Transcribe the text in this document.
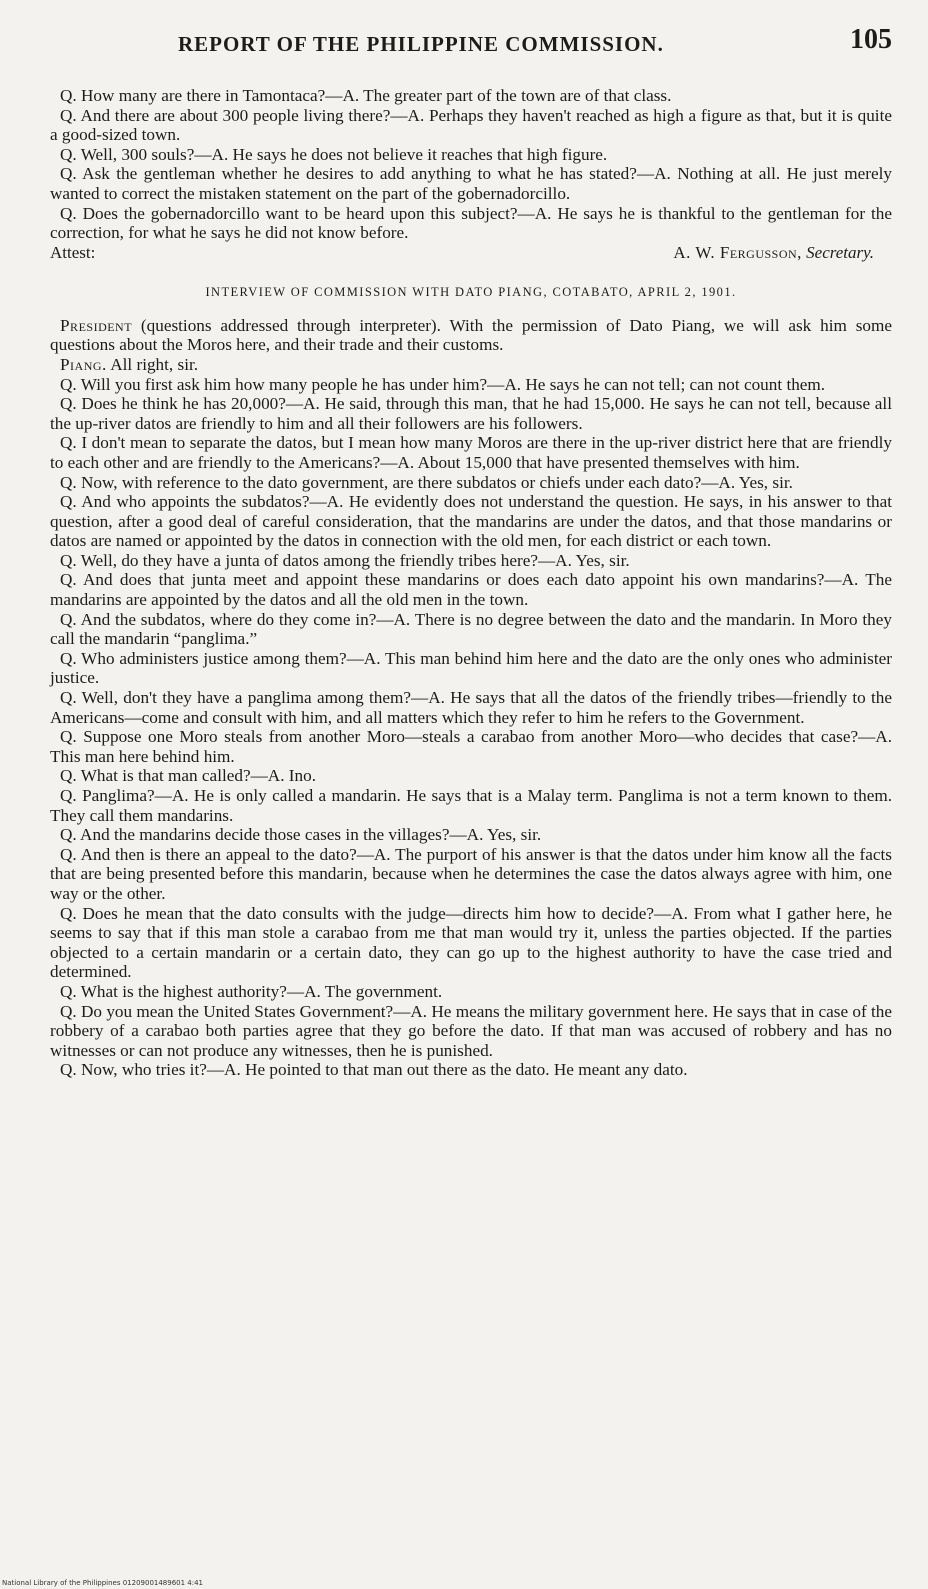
REPORT OF THE PHILIPPINE COMMISSION.	105

Q. How many are there in Tamontaca?—A. The greater part of the town are of that class.

Q. And there are about 300 people living there?—A. Perhaps they haven't reached as high a figure as that, but it is quite a good-sized town.

Q. Well, 300 souls?—A. He says he does not believe it reaches that high figure.

Q. Ask the gentleman whether he desires to add anything to what he has stated?—A. Nothing at all. He just merely wanted to correct the mistaken statement on the part of the gobernadorcillo.

Q. Does the gobernadorcillo want to be heard upon this subject?—A. He says he is thankful to the gentleman for the correction, for what he says he did not know before.

Attest:	A. W. Fergusson, Secretary.
INTERVIEW OF COMMISSION WITH DATO PIANG, COTABATO, APRIL 2, 1901.

President (questions addressed through interpreter). With the permission of Dato Piang, we will ask him some questions about the Moros here, and their trade and their customs.

Piang. All right, sir.

Q. Will you first ask him how many people he has under him?—A. He says he can not tell; can not count them.

Q. Does he think he has 20,000?—A. He said, through this man, that he had 15,000. He says he can not tell, because all the up-river datos are friendly to him and all their followers are his followers.

Q. I don't mean to separate the datos, but I mean how many Moros are there in the up-river district here that are friendly to each other and are friendly to the Americans?—A. About 15,000 that have presented themselves with him.

Q. Now, with reference to the dato government, are there subdatos or chiefs under each dato?—A. Yes, sir.

Q. And who appoints the subdatos?—A. He evidently does not understand the question. He says, in his answer to that question, after a good deal of careful consideration, that the mandarins are under the datos, and that those mandarins or datos are named or appointed by the datos in connection with the old men, for each district or each town.

Q. Well, do they have a junta of datos among the friendly tribes here?—A. Yes, sir.

Q. And does that junta meet and appoint these mandarins or does each dato appoint his own mandarins?—A. The mandarins are appointed by the datos and all the old men in the town.

Q. And the subdatos, where do they come in?—A. There is no degree between the dato and the mandarin. In Moro they call the mandarin “panglima.”

Q. Who administers justice among them?—A. This man behind him here and the dato are the only ones who administer justice.

Q. Well, don't they have a panglima among them?—A. He says that all the datos of the friendly tribes—friendly to the Americans—come and consult with him, and all matters which they refer to him he refers to the Government.

Q. Suppose one Moro steals from another Moro—steals a carabao from another Moro—who decides that case?—A. This man here behind him.

Q. What is that man called?—A. Ino.

Q. Panglima?—A. He is only called a mandarin. He says that is a Malay term. Panglima is not a term known to them. They call them mandarins.

Q. And the mandarins decide those cases in the villages?—A. Yes, sir.

Q. And then is there an appeal to the dato?—A. The purport of his answer is that the datos under him know all the facts that are being presented before this mandarin, because when he determines the case the datos always agree with him, one way or the other.

Q. Does he mean that the dato consults with the judge—directs him how to decide?—A. From what I gather here, he seems to say that if this man stole a carabao from me that man would try it, unless the parties objected. If the parties objected to a certain mandarin or a certain dato, they can go up to the highest authority to have the case tried and determined.

Q. What is the highest authority?—A. The government.

Q. Do you mean the United States Government?—A. He means the military government here. He says that in case of the robbery of a carabao both parties agree that they go before the dato. If that man was accused of robbery and has no witnesses or can not produce any witnesses, then he is punished.

Q. Now, who tries it?—A. He pointed to that man out there as the dato. He meant any dato.

National Library of the Philippines 01209001489601 4:41
